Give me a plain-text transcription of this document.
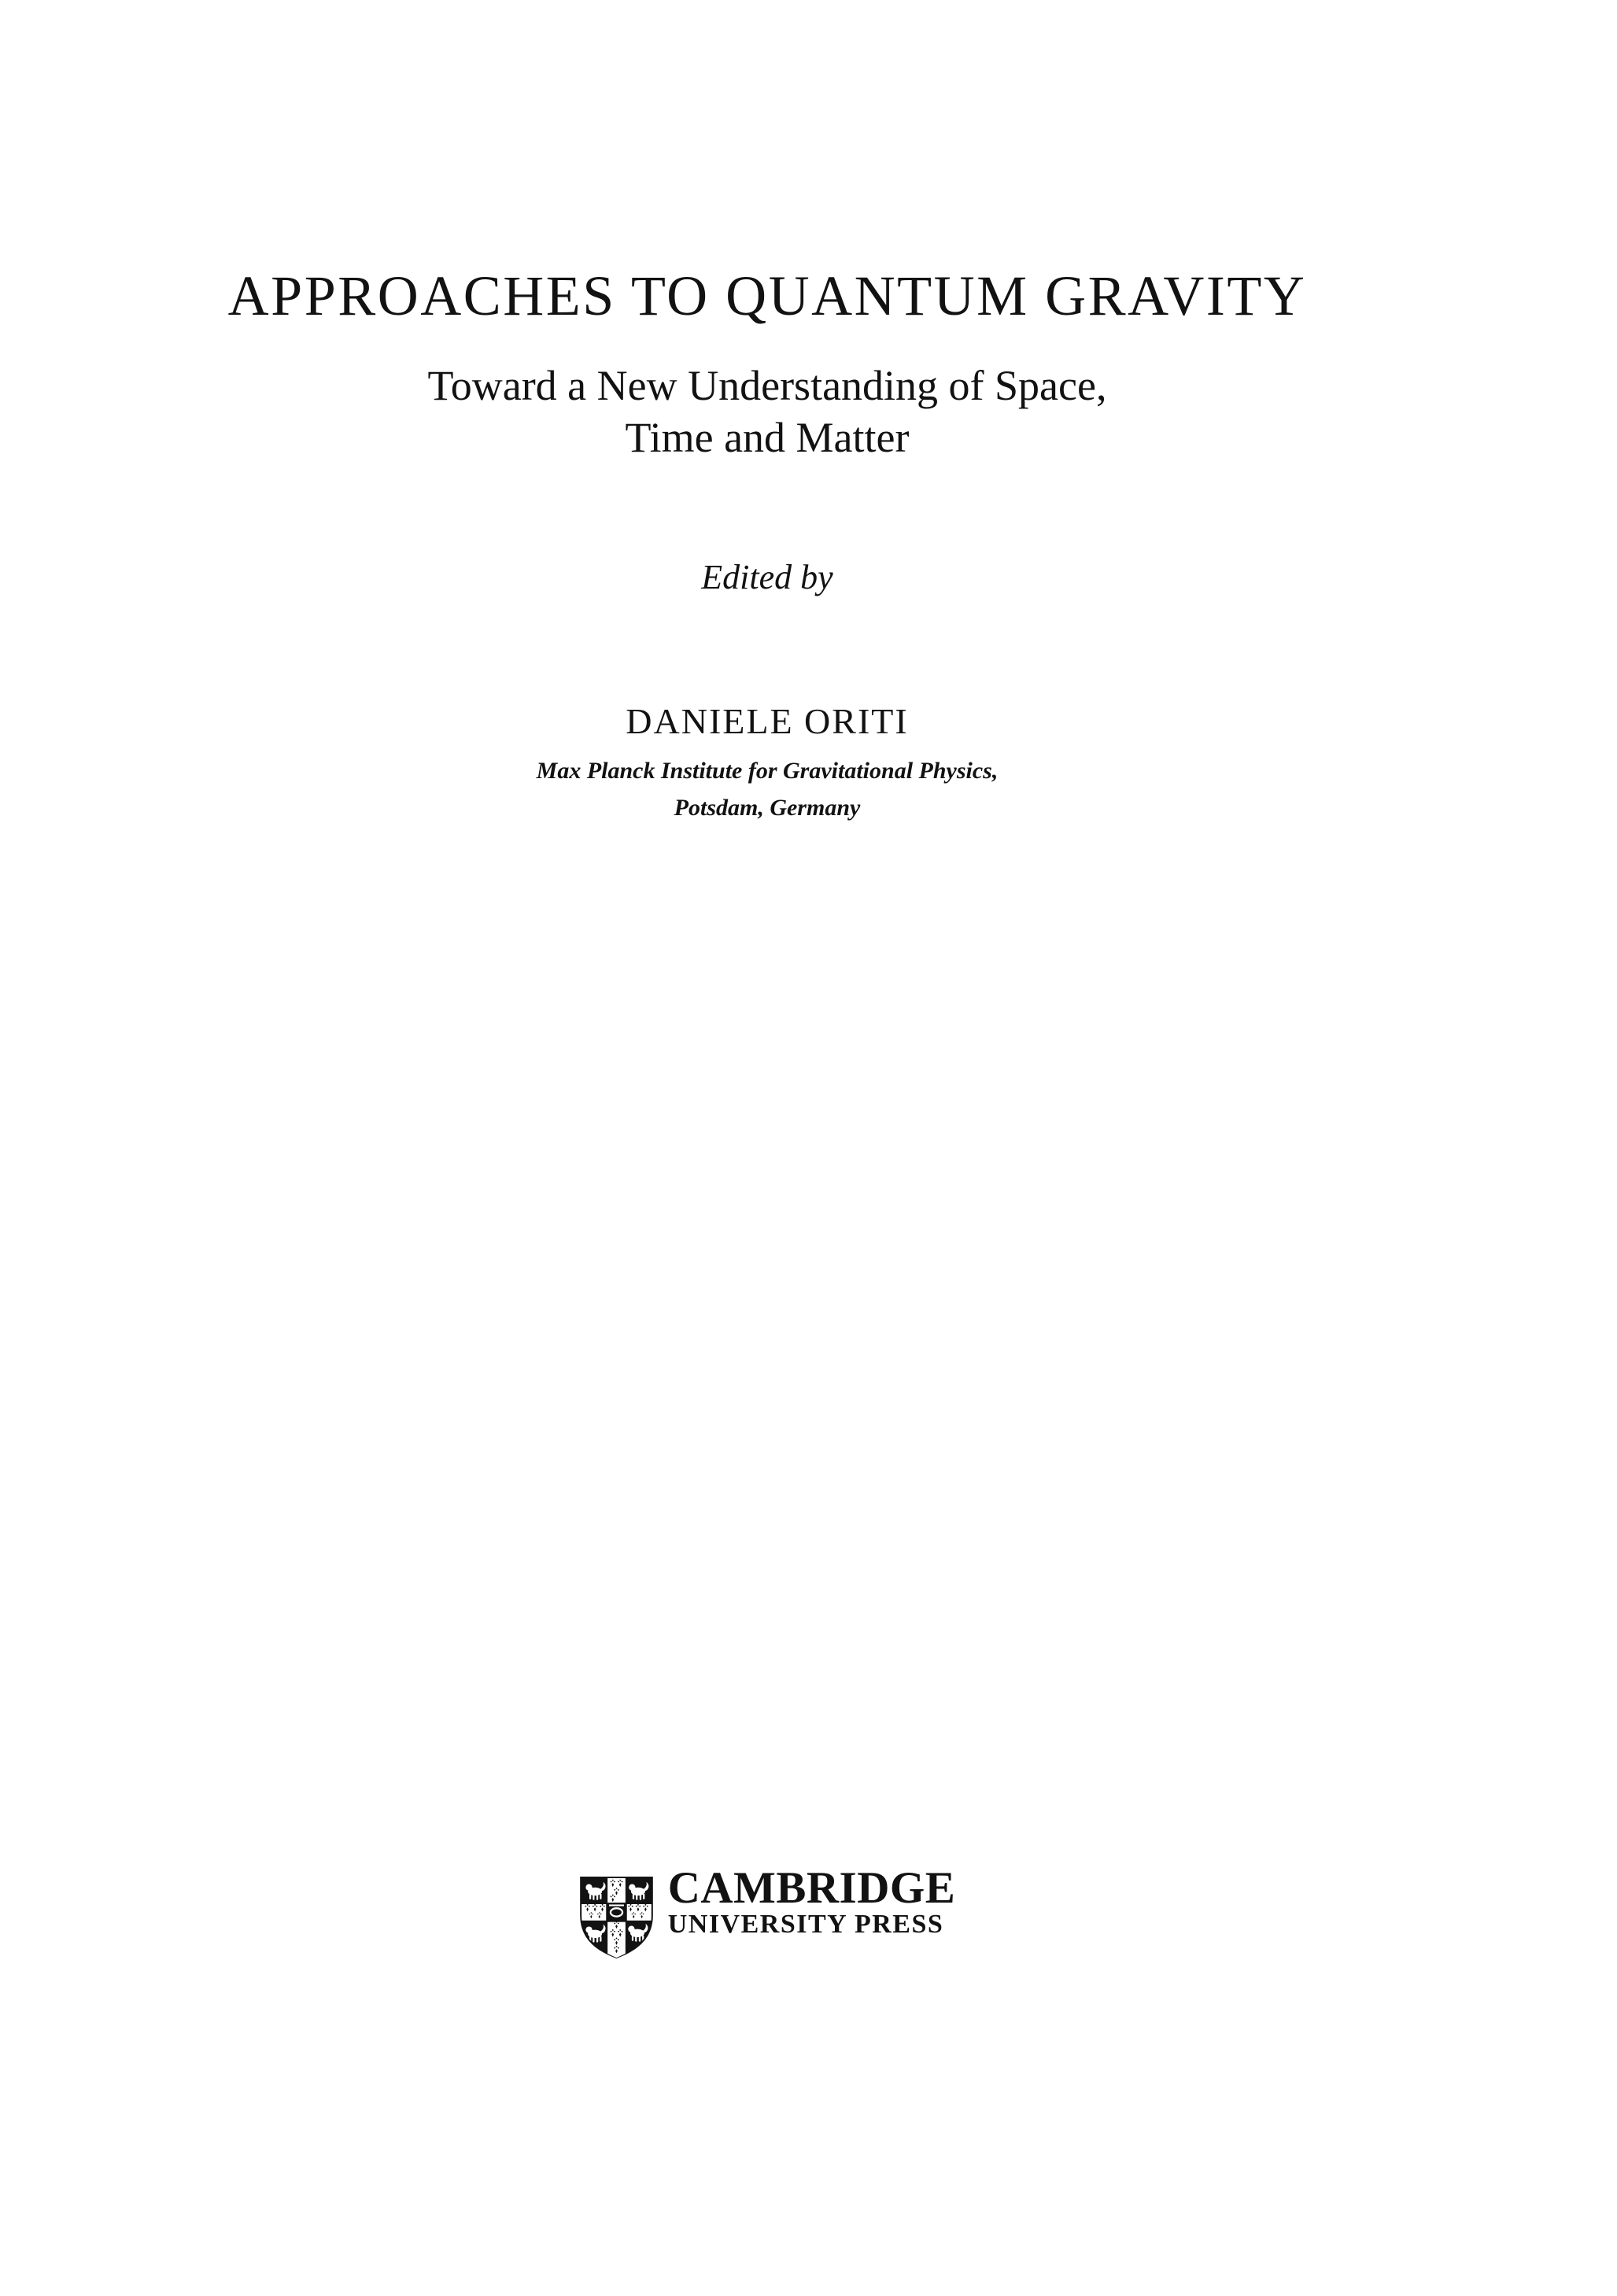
APPROACHES TO QUANTUM GRAVITY
Toward a New Understanding of Space,
Time and Matter
Edited by
DANIELE ORITI
Max Planck Institute for Gravitational Physics,
Potsdam, Germany
CAMBRIDGE
UNIVERSITY PRESS
